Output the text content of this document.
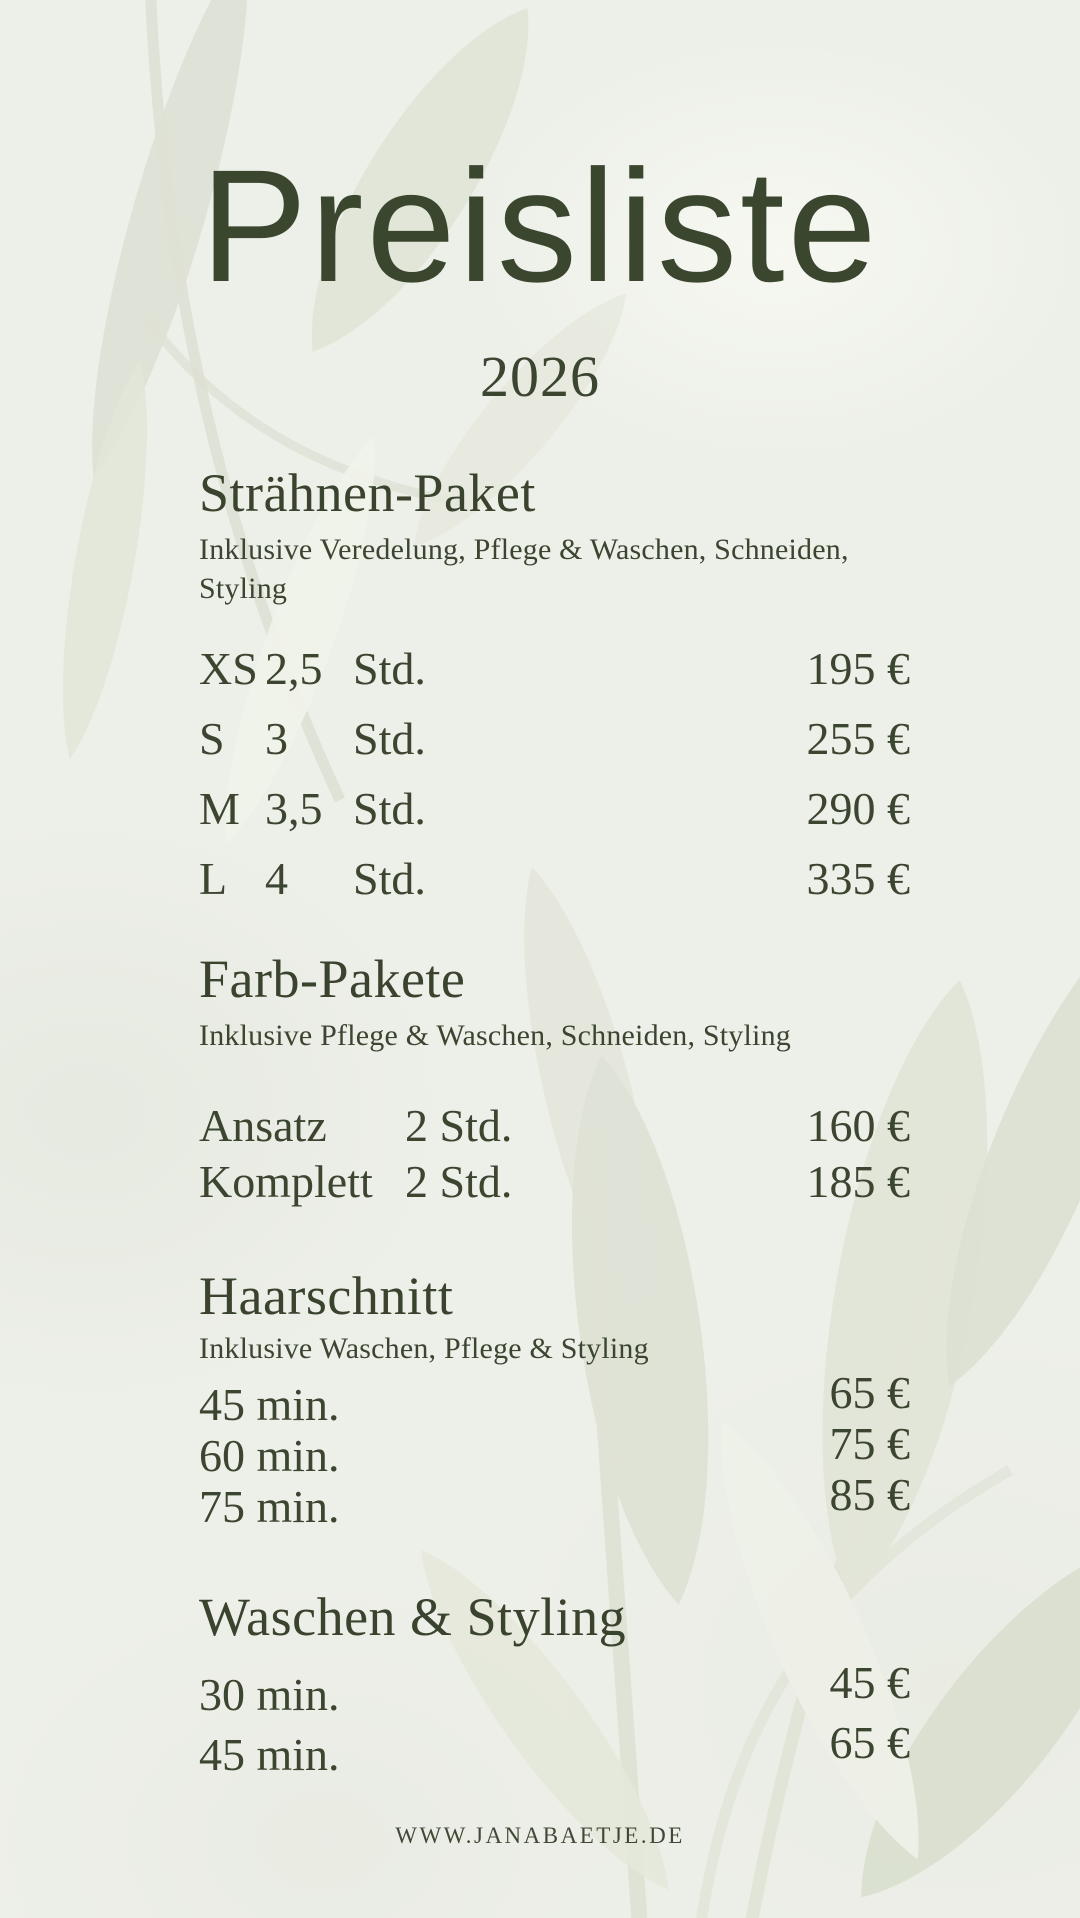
Preisliste
2026
Strähnen-Paket

Inklusive Veredelung, Pflege & Waschen, Schneiden, Styling

XS 2,5 Std.	195 €
S 3	Std.	255 €
M 3,5 Std.	290 €
L 4	Std.	335 €
Farb-Pakete

Inklusive Pflege & Waschen, Schneiden, Styling

Ansatz	2 Std.	160 €
Komplett 2 Std.	185 €
Haarschnitt

Inklusive Waschen, Pflege & Styling

45 min.	65 €
60 min.	75 €
75 min.	85 €
Waschen & Styling
30 min.	45 €
45 min.	65 €
WWW.JANABAETJE.DE
